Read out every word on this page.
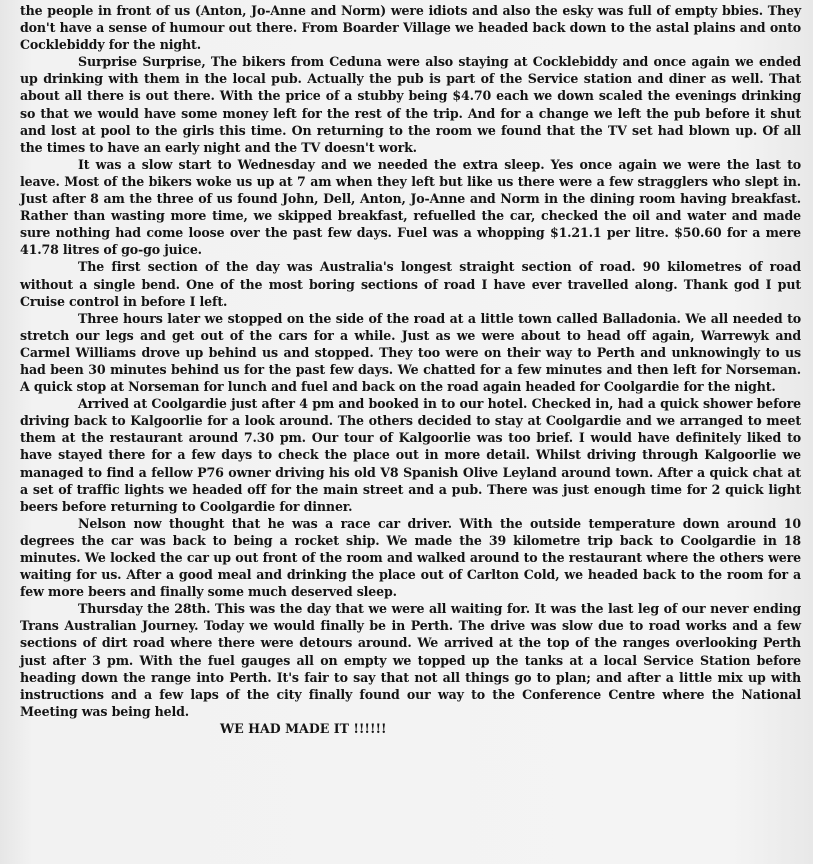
the people in front of us (Anton, Jo-Anne and Norm) were idiots and also the esky was full of empty bbies. They don't have a sense of humour out there. From Boarder Village we headed back down to the astal plains and onto Cocklebiddy for the night.

Surprise Surprise, The bikers from Ceduna were also staying at Cocklebiddy and once again we ended up drinking with them in the local pub. Actually the pub is part of the Service station and diner as well. That about all there is out there. With the price of a stubby being $4.70 each we down scaled the evenings drinking so that we would have some money left for the rest of the trip. And for a change we left the pub before it shut and lost at pool to the girls this time. On returning to the room we found that the TV set had blown up. Of all the times to have an early night and the TV doesn't work.

It was a slow start to Wednesday and we needed the extra sleep. Yes once again we were the last to leave. Most of the bikers woke us up at 7 am when they left but like us there were a few stragglers who slept in. Just after 8 am the three of us found John, Dell, Anton, Jo-Anne and Norm in the dining room having breakfast. Rather than wasting more time, we skipped breakfast, refuelled the car, checked the oil and water and made sure nothing had come loose over the past few days. Fuel was a whopping $1.21.1 per litre. $50.60 for a mere 41.78 litres of go-go juice.

The first section of the day was Australia's longest straight section of road. 90 kilometres of road without a single bend. One of the most boring sections of road I have ever travelled along. Thank god I put Cruise control in before I left.

Three hours later we stopped on the side of the road at a little town called Balladonia. We all needed to stretch our legs and get out of the cars for a while. Just as we were about to head off again, Warrewyk and Carmel Williams drove up behind us and stopped. They too were on their way to Perth and unknowingly to us had been 30 minutes behind us for the past few days. We chatted for a few minutes and then left for Norseman. A quick stop at Norseman for lunch and fuel and back on the road again headed for Coolgardie for the night.

Arrived at Coolgardie just after 4 pm and booked in to our hotel. Checked in, had a quick shower before driving back to Kalgoorlie for a look around. The others decided to stay at Coolgardie and we arranged to meet them at the restaurant around 7.30 pm. Our tour of Kalgoorlie was too brief. I would have definitely liked to have stayed there for a few days to check the place out in more detail. Whilst driving through Kalgoorlie we managed to find a fellow P76 owner driving his old V8 Spanish Olive Leyland around town. After a quick chat at a set of traffic lights we headed off for the main street and a pub. There was just enough time for 2 quick light beers before returning to Coolgardie for dinner.

Nelson now thought that he was a race car driver. With the outside temperature down around 10 degrees the car was back to being a rocket ship. We made the 39 kilometre trip back to Coolgardie in 18 minutes. We locked the car up out front of the room and walked around to the restaurant where the others were waiting for us. After a good meal and drinking the place out of Carlton Cold, we headed back to the room for a few more beers and finally some much deserved sleep.

Thursday the 28th. This was the day that we were all waiting for. It was the last leg of our never ending Trans Australian Journey. Today we would finally be in Perth. The drive was slow due to road works and a few sections of dirt road where there were detours around. We arrived at the top of the ranges overlooking Perth just after 3 pm. With the fuel gauges all on empty we topped up the tanks at a local Service Station before heading down the range into Perth. It's fair to say that not all things go to plan; and after a little mix up with instructions and a few laps of the city finally found our way to the Conference Centre where the National Meeting was being held.

WE HAD MADE IT !!!!!!
